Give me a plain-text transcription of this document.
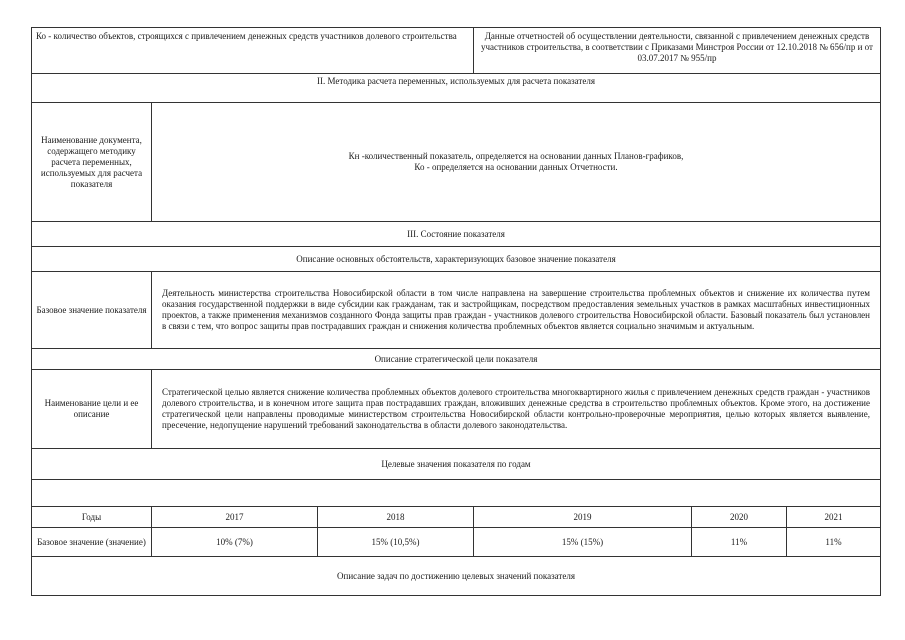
Ко - количество объектов, строящихся с привлечением денежных средств участников долевого строительства			Данные отчетностей об осуществлении деятельности, связанной с привлечением денежных средств участников строительства, в соответствии с Приказами Минстроя России от 12.10.2018 № 656/пр и от 03.07.2017 № 955/пр		
II. Методика расчета переменных, используемых для расчета показателя					
Наименование документа, содержащего методику расчета переменных, используемых для расчета показателя	Кн -количественный показатель, определяется на основании данных Планов-графиков,
Ко - определяется на основании данных Отчетности.				

III. Состояние показателя					
Описание основных обстоятельств, характеризующих базовое значение показателя					
Базовое значение показателя	Деятельность министерства строительства Новосибирской области в том числе направлена на завершение строительства проблемных объектов и снижение их количества путем оказания государственной поддержки в виде субсидии как гражданам, так и застройщикам, посредством предоставления земельных участков в рамках масштабных инвестиционных проектов, а также применения механизмов созданного Фонда защиты прав граждан - участников долевого строительства Новосибирской области. Базовый показатель был установлен в связи с тем, что вопрос защиты прав пострадавших граждан и снижения количества проблемных объектов является социально значимым и актуальным.				
Описание стратегической цели показателя					
Наименование цели и ее описание	Стратегической целью является снижение количества проблемных объектов долевого строительства многоквартирного жилья с привлечением денежных средств граждан - участников долевого строительства, и в конечном итоге защита прав пострадавших граждан, вложивших денежные средства в строительство проблемных объектов. Кроме этого, на достижение стратегической цели направлены проводимые министерством строительства Новосибирской области контрольно-проверочные мероприятия, целью которых является выявление, пресечение, недопущение нарушений требований законодательства в области долевого законодательства.				
Целевые значения показателя по годам					

Годы	2017	2018	2019	2020	2021
Базовое значение (значение)	10% (7%)	15% (10,5%)	15% (15%)	11%	11%
Описание задач по достижению целевых значений показателя					
